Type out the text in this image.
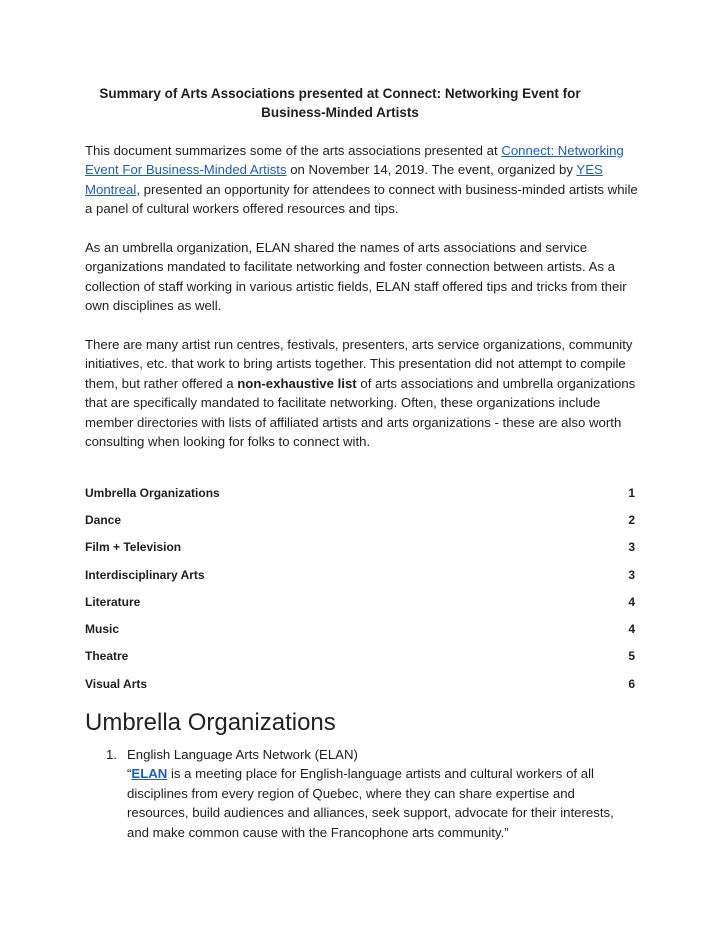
Summary of Arts Associations presented at Connect: Networking Event for
Business-Minded Artists
This document summarizes some of the arts associations presented at Connect: Networking Event For Business-Minded Artists on November 14, 2019. The event, organized by YES Montreal, presented an opportunity for attendees to connect with business-minded artists while a panel of cultural workers offered resources and tips.
As an umbrella organization, ELAN shared the names of arts associations and service organizations mandated to facilitate networking and foster connection between artists. As a collection of staff working in various artistic fields, ELAN staff offered tips and tricks from their own disciplines as well.
There are many artist run centres, festivals, presenters, arts service organizations, community initiatives, etc. that work to bring artists together. This presentation did not attempt to compile them, but rather offered a non-exhaustive list of arts associations and umbrella organizations that are specifically mandated to facilitate networking. Often, these organizations include member directories with lists of affiliated artists and arts organizations - these are also worth consulting when looking for folks to connect with.
Umbrella Organizations	1
Dance	2
Film + Television	3
Interdisciplinary Arts	3
Literature	4
Music	4
Theatre	5
Visual Arts	6
Umbrella Organizations
1. English Language Arts Network (ELAN)
“ELAN is a meeting place for English-language artists and cultural workers of all disciplines from every region of Quebec, where they can share expertise and resources, build audiences and alliances, seek support, advocate for their interests, and make common cause with the Francophone arts community.”
